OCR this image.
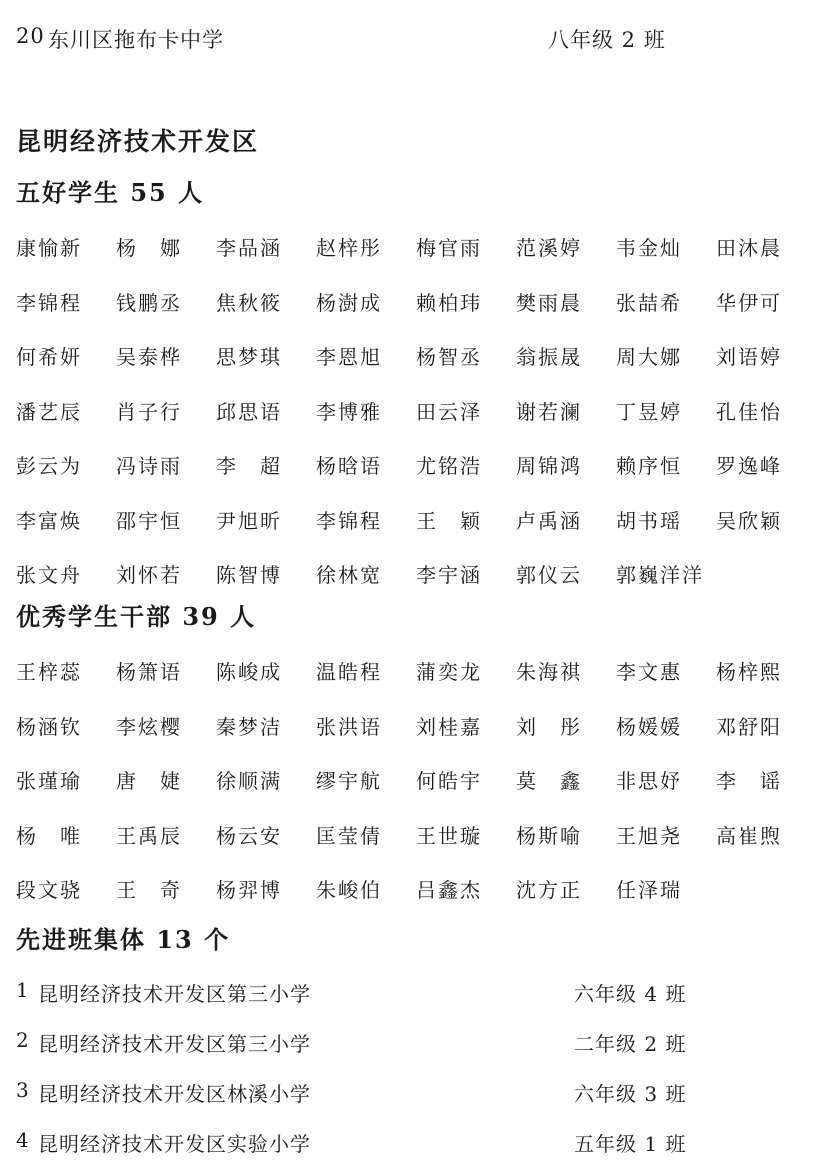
20 东川区拖布卡中学	八年级 2 班
昆明经济技术开发区
五好学生 55 人
康愉新	杨　娜	李品涵	赵梓彤	梅官雨	范溪婷	韦金灿	田沐晨
李锦程	钱鹏丞	焦秋筱	杨澍成	赖柏玮	樊雨晨	张喆希	华伊可
何希妍	吴泰桦	思梦琪	李恩旭	杨智丞	翁振晟	周大娜	刘语婷
潘艺辰	肖子行	邱思语	李博雅	田云泽	谢若澜	丁昱婷	孔佳怡
彭云为	冯诗雨	李　超	杨晗语	尤铭浩	周锦鸿	赖序恒	罗逸峰
李富焕	邵宇恒	尹旭昕	李锦程	王　颖	卢禹涵	胡书瑶	吴欣颖
张文舟	刘怀若	陈智博	徐林宽	李宇涵	郭仪云	郭巍洋洋
优秀学生干部 39 人
王梓蕊	杨箫语	陈峻成	温皓程	蒲奕龙	朱海祺	李文惠	杨梓熙
杨涵钦	李炫樱	秦梦洁	张洪语	刘桂嘉	刘　彤	杨媛媛	邓舒阳
张瑾瑜	唐　婕	徐顺满	缪宇航	何皓宇	莫　鑫	非思妤	李　谣
杨　唯	王禹辰	杨云安	匡莹倩	王世璇	杨斯喻	王旭尧	高崔煦
段文骁	王　奇	杨羿博	朱峻伯	吕鑫杰	沈方正	任泽瑞
先进班集体 13 个
1 昆明经济技术开发区第三小学	六年级 4 班
2 昆明经济技术开发区第三小学	二年级 2 班
3 昆明经济技术开发区林溪小学	六年级 3 班
4 昆明经济技术开发区实验小学	五年级 1 班
